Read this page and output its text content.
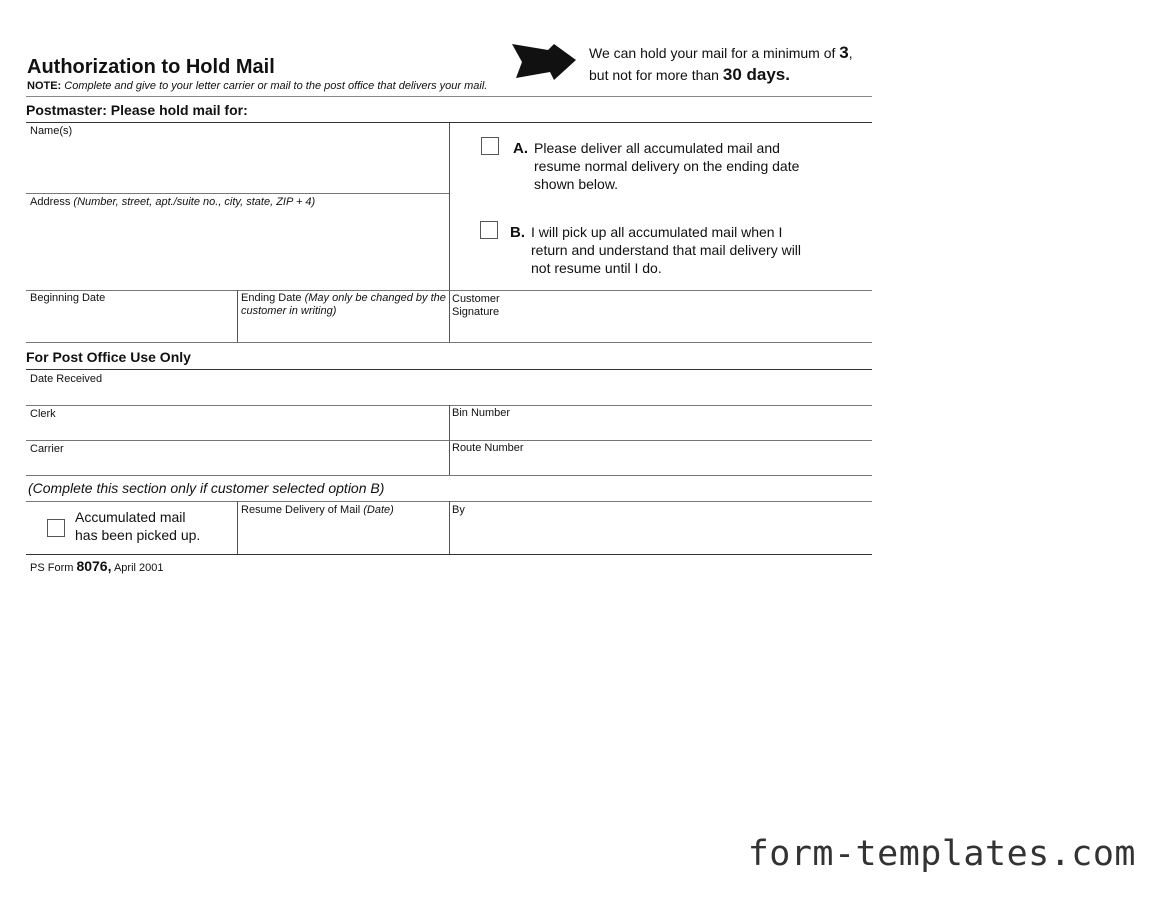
Authorization to Hold Mail
NOTE: Complete and give to your letter carrier or mail to the post office that delivers your mail.
We can hold your mail for a minimum of 3,
but not for more than 30 days.
Postmaster: Please hold mail for:
Name(s)
Address (Number, street, apt./suite no., city, state, ZIP + 4)
A. Please deliver all accumulated mail and resume normal delivery on the ending date shown below.
B. I will pick up all accumulated mail when I return and understand that mail delivery will not resume until I do.
Beginning Date	Ending Date (May only be changed by the customer in writing)
Customer
Signature
For Post Office Use Only
Date Received
Clerk	Bin Number
Carrier	Route Number
(Complete this section only if customer selected option B)
Accumulated mail
has been picked up.
Resume Delivery of Mail (Date)	By
PS Form 8076, April 2001
form-templates.com
